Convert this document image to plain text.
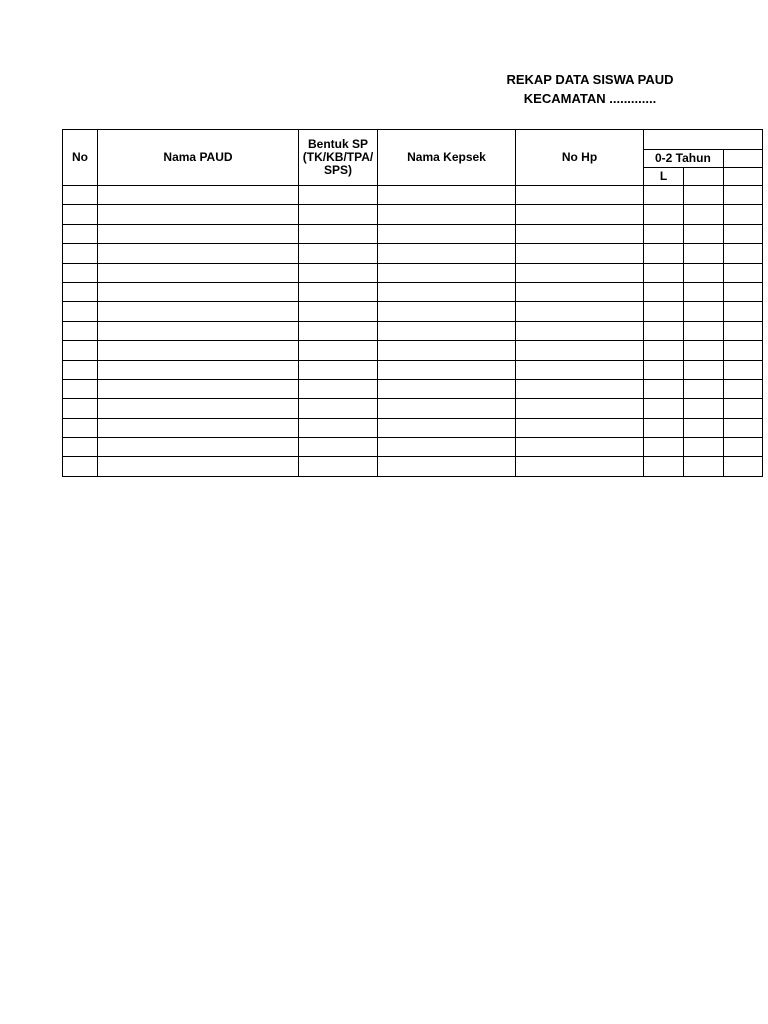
REKAP DATA SISWA PAUD
KECAMATAN .............
No	Nama PAUD	Bentuk SP (TK/KB/TPA/ SPS)	Nama Kepsek	No Hp			
					0-2 Tahun		
					L		
